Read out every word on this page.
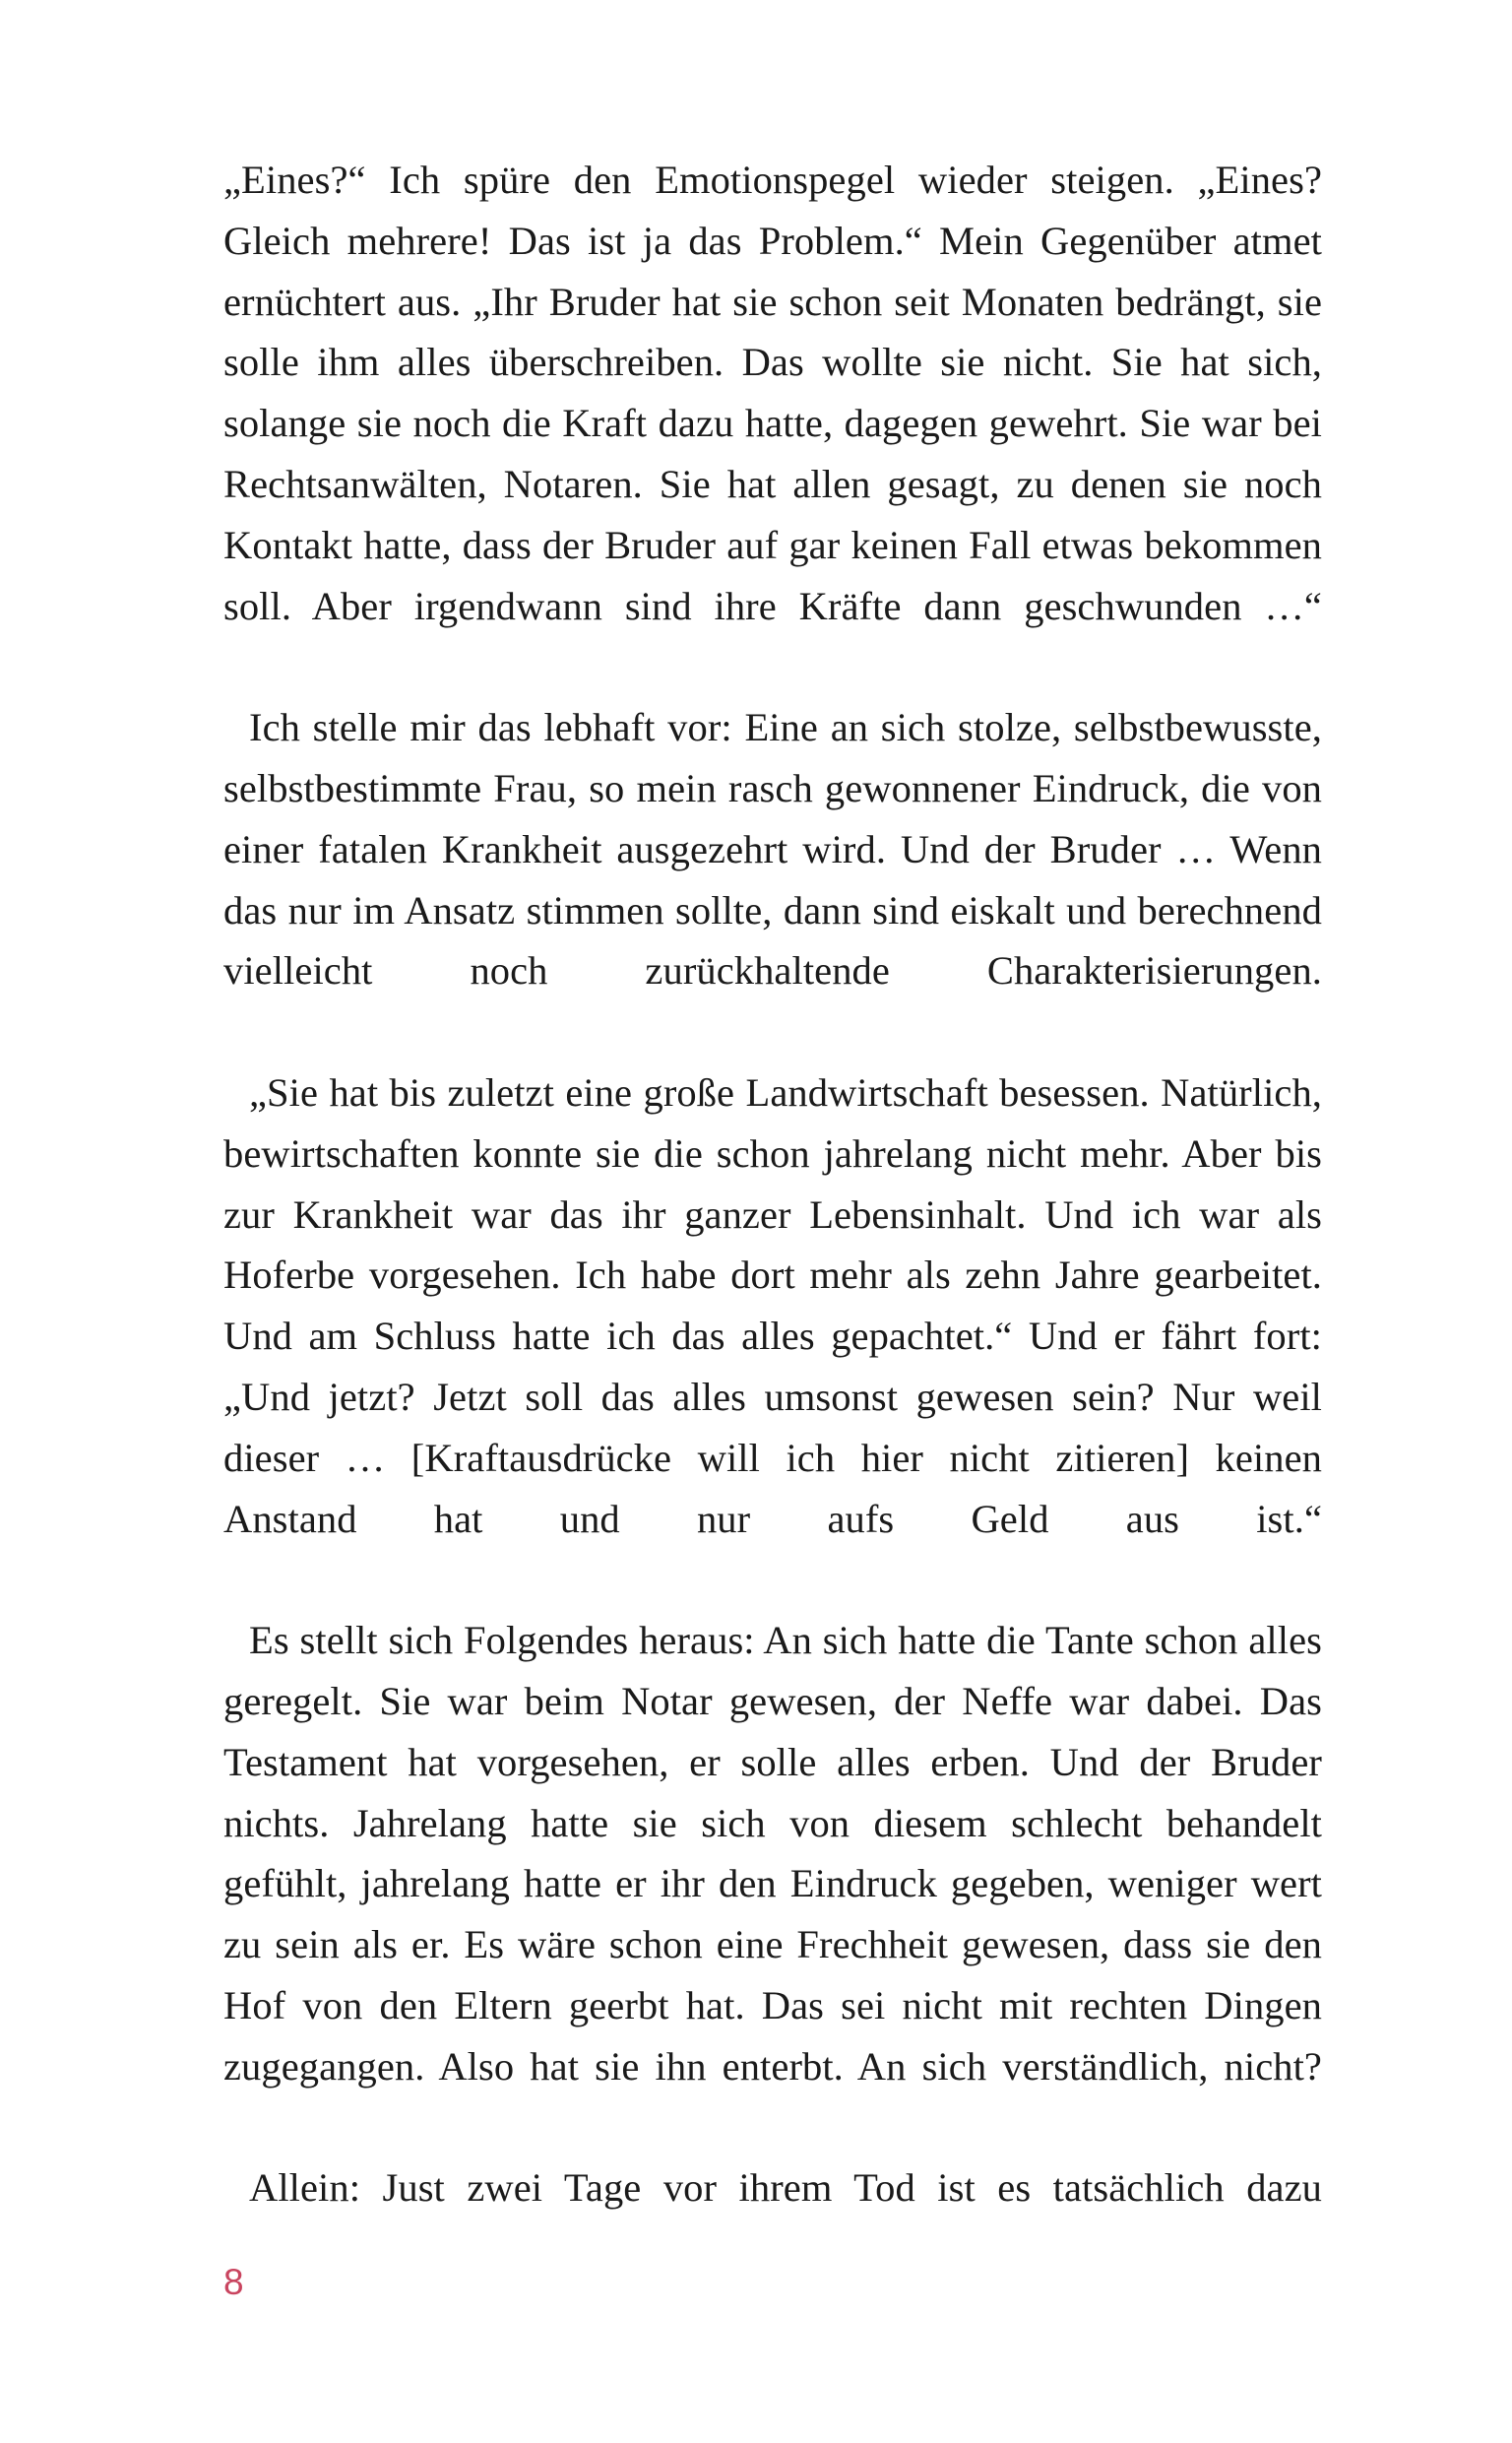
„Eines?“ Ich spüre den Emotionspegel wieder steigen. „Eines? Gleich mehrere! Das ist ja das Problem.“ Mein Gegenüber atmet ernüchtert aus. „Ihr Bruder hat sie schon seit Monaten bedrängt, sie solle ihm alles überschreiben. Das wollte sie nicht. Sie hat sich, solange sie noch die Kraft dazu hatte, dagegen gewehrt. Sie war bei Rechtsanwälten, Notaren. Sie hat allen gesagt, zu denen sie noch Kontakt hatte, dass der Bruder auf gar keinen Fall etwas bekommen soll. Aber irgendwann sind ihre Kräfte dann geschwunden …“

Ich stelle mir das lebhaft vor: Eine an sich stolze, selbstbewusste, selbstbestimmte Frau, so mein rasch gewonnener Eindruck, die von einer fatalen Krankheit ausgezehrt wird. Und der Bruder … Wenn das nur im Ansatz stimmen sollte, dann sind eiskalt und berechnend vielleicht noch zurückhaltende Charakterisierungen.

„Sie hat bis zuletzt eine große Landwirtschaft besessen. Natürlich, bewirtschaften konnte sie die schon jahrelang nicht mehr. Aber bis zur Krankheit war das ihr ganzer Lebensinhalt. Und ich war als Hoferbe vorgesehen. Ich habe dort mehr als zehn Jahre gearbeitet. Und am Schluss hatte ich das alles gepachtet.“ Und er fährt fort: „Und jetzt? Jetzt soll das alles umsonst gewesen sein? Nur weil dieser … [Kraftausdrücke will ich hier nicht zitieren] keinen Anstand hat und nur aufs Geld aus ist.“

Es stellt sich Folgendes heraus: An sich hatte die Tante schon alles geregelt. Sie war beim Notar gewesen, der Neffe war dabei. Das Testament hat vorgesehen, er solle alles erben. Und der Bruder nichts. Jahrelang hatte sie sich von diesem schlecht behandelt gefühlt, jahrelang hatte er ihr den Eindruck gegeben, weniger wert zu sein als er. Es wäre schon eine Frechheit gewesen, dass sie den Hof von den Eltern geerbt hat. Das sei nicht mit rechten Dingen zugegangen. Also hat sie ihn enterbt. An sich verständlich, nicht?

Allein: Just zwei Tage vor ihrem Tod ist es tatsächlich dazu

8
